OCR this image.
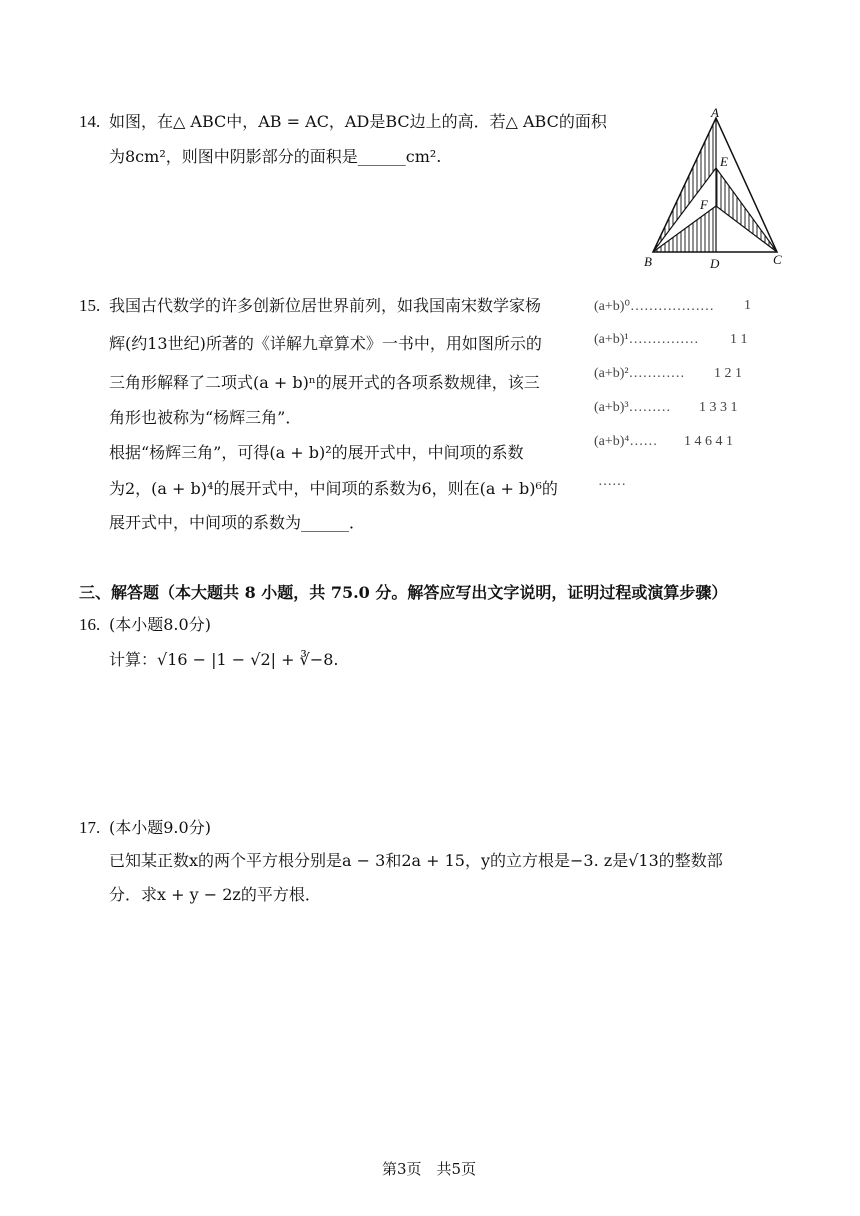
14. 如图，在△ ABC中，AB = AC，AD是BC边上的高．若△ ABC的面积
为8cm²，则图中阴影部分的面积是______cm².
A
E
F
B	D	C
15. 我国古代数学的许多创新位居世界前列，如我国南宋数学家杨
辉(约13世纪)所著的《详解九章算术》一书中，用如图所示的
三角形解释了二项式(a + b)ⁿ的展开式的各项系数规律，该三
角形也被称为“杨辉三角”．
根据“杨辉三角”，可得(a + b)²的展开式中，中间项的系数
为2，(a + b)⁴的展开式中，中间项的系数为6，则在(a + b)⁶的
展开式中，中间项的系数为______．
(a+b)⁰……………… 1
(a+b)¹…………… 1 1
(a+b)²………… 1 2 1
(a+b)³……… 1 3 3 1
(a+b)⁴…… 1 4 6 4 1
……
三、解答题（本大题共 8 小题，共 75.0 分。解答应写出文字说明，证明过程或演算步骤）
16. (本小题8.0分)
计算：√16 − |1 − √2| + ∛−8.
17. (本小题9.0分)
已知某正数x的两个平方根分别是a − 3和2a + 15，y的立方根是−3. z是√13的整数部
分．求x + y − 2z的平方根．
第3页　共5页
